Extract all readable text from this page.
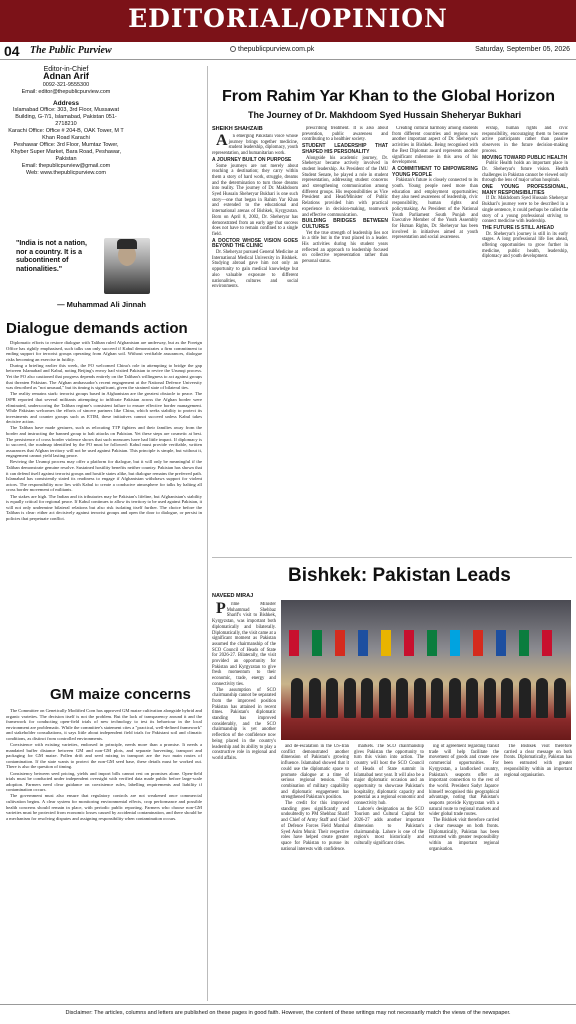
EDITORIAL/OPINION
04 The Public Purview	thepublicpurview.com.pk	Saturday, September 05, 2026
Editor-in-Chief
Adnan Arif
0092-321-9555300
Email: editor@thepublicpurview.com
Address
Islamabad Office: 303, 3rd Floor, Mussawat Building, G-7/1, Islamabad, Pakistan 051-2718210
Karachi Office: Office # 204-B, OAK Tower, M T Khan Road Karachi
Peshawar Office: 3rd Floor, Mumtaz Tower, Khyber Super Market, Bara Road, Peshawar, Pakistan
Email: thepublicpurview@gmail.com
Web: www.thepublicpurview.com
"India is not a nation, nor a country. It is a subcontinent of nationalities."
— Muhammad Ali Jinnah
Dialogue demands action

Diplomatic efforts to restore dialogue with Taliban ruled Afghanistan are underway, but as the Foreign Office has rightly emphasised, such talks can only succeed if Kabul demonstrates a firm commitment to ending support for terrorist groups operating from Afghan soil. Without verifiable assurances, dialogue risks becoming an exercise in futility.

During a briefing earlier this week, the FO welcomed China's role in attempting to bridge the gap between Islamabad and Kabul, noting Beijing's envoy had visited Pakistan to revive the Urumqi process. Yet the FO also cautioned that progress depends entirely on the Taliban's willingness to act against groups that threaten Pakistan. The Afghan ambassador's recent engagement at the National Defence University was described as "not unusual," but its timing is significant, given the strained state of bilateral ties.

The reality remains stark: terrorist groups based in Afghanistan are the greatest obstacle to peace. The ISPR reported that several militants attempting to infiltrate Pakistan across the Afghan border were eliminated, underscoring the Taliban regime's consistent failure to ensure effective border management. While Pakistan welcomes the efforts of sincere partners like China, which seeks stability to protect its investments and counter groups such as ETIM, these initiatives cannot succeed unless Kabul takes decisive action.

The Taliban have made gestures, such as relocating TTP fighters and their families away from the border and instructing the banned group to halt attacks on Pakistan. Yet these steps are cosmetic at best. The persistence of cross border violence shows that such measures have had little impact. If diplomacy is to succeed, the roadmap identified by the FO must be followed: Kabul must provide verifiable, written assurances that Afghan territory will not be used against Pakistan. This principle is simple, but without it, engagement cannot yield lasting peace.

Reviving the Urumqi process may offer a platform for dialogue, but it will only be meaningful if the Taliban demonstrate genuine resolve. Sustained hostility benefits neither country. Pakistan has shown that it can defend itself against terrorist groups and hostile states alike, but dialogue remains the preferred path. Islamabad has consistently stated its readiness to engage if Afghanistan withdraws support for violent actors. The responsibility now lies with Kabul to create a conducive atmosphere for talks by halting all cross border movement of militants.

The stakes are high. The Indian and its tributaries may be Pakistan's lifeline, but Afghanistan's stability is equally critical for regional peace. If Kabul continues to allow its territory to be used against Pakistan, it will not only undermine bilateral relations but also risk isolating itself further. The choice before the Taliban is clear: either act decisively against terrorist groups and open the door to dialogue, or persist in policies that perpetuate conflict.

GM maize concerns

The Committee on Genetically Modified Corn has approved GM maize cultivation alongside hybrid and organic varieties. The decision itself is not the problem. But the lack of transparency around it and the framework for conducting open-field trials of new technology to test its behaviour in the local environment are problematic. While the committee's statement cites a "practical, well-defined framework" and stakeholder consultations, it says little about independent field trials for Pakistani soil and climatic conditions, as distinct from controlled environments.

Coexistence with existing varieties, endorsed in principle, needs more than a promise. It needs a mandated buffer distance between GM and non-GM plots, and separate harvesting, transport and packaging for GM maize. Pollen drift and seed mixing in transport are the two main routes of contamination. If the state wants to protect the non-GM seed base, these details must be worked out. There is also the question of timing.

Consistency between seed pricing, yields and import bills cannot rest on promises alone. Open-field trials must be conducted under independent oversight with verified data made public before large-scale adoption. Farmers need clear guidance on coexistence rules, labelling requirements and liability if contamination occurs.

The government must also ensure that regulatory controls are not weakened once commercial cultivation begins. A clear system for monitoring environmental effects, crop performance and possible health concerns should remain in place, with periodic public reporting. Farmers who choose non-GM varieties must be protected from economic losses caused by accidental contamination, and there should be a mechanism for resolving disputes and assigning responsibility when contamination occurs.

From Rahim Yar Khan to the Global Horizon
The Journey of Dr. Makhdoom Syed Hussain Sheheryar Bukhari
SHEIKH SHAHZAIB

A n emerging Pakistani voice whose journey brings together medicine, student leadership, diplomacy, youth representation, and humanitarian work.

A JOURNEY BUILT ON PURPOSE

Some journeys are not merely about reaching a destination; they carry within them a story of hard work, struggle, dreams and the determination to turn those dreams into reality. The journey of Dr. Makhdoom Syed Hussain Sheheryar Bukhari is one such story—one that began in Rahim Yar Khan and extended to the educational and international arenas of Bishkek, Kyrgyzstan. Born on April 8, 2002, Dr. Sheheryar has demonstrated from an early age that success does not have to remain confined to a single field.

A DOCTOR WHOSE VISION GOES BEYOND THE CLINIC

Dr. Sheheryar pursued General Medicine at International Medical University in Bishkek. Studying abroad gave him not only an opportunity to gain medical knowledge but also valuable exposure to different nationalities, cultures and social environments.

prescribing treatment. It is also about prevention, public awareness and contributing to a healthier society.

STUDENT LEADERSHIP THAT SHAPED HIS PERSONALITY

Alongside his academic journey, Dr. Sheheryar became actively involved in student leadership. As President of the IMU Student Senate, he played a role in student representation, addressing student concerns and strengthening communication among different groups. His responsibilities as Vice President and Head/Minister of Public Relations provided him with practical experience in decision-making, teamwork and effective communication.

BUILDING BRIDGES BETWEEN CULTURES

Yet the true strength of leadership lies not in a title but in the trust placed in a leader. His activities during his student years reflected an approach to leadership focused on collective representation rather than personal status.

Creating cultural harmony among students from different countries and regions was another important aspect of Dr. Sheheryar's activities in Bishkek. Being recognised with the Best Diplomat award represents another significant milestone in this area of his development.

A COMMITMENT TO EMPOWERING YOUNG PEOPLE

Pakistan's future is closely connected to its youth. Young people need more than education and employment opportunities; they also need awareness of leadership, civic responsibility, human rights and policymaking. As President of the National Youth Parliament South Punjab and Executive Member of the Youth Assembly for Human Rights, Dr. Sheheryar has been involved in initiatives aimed at youth representation and social awareness.

ership, human rights and civic responsibility, encouraging them to become active participants rather than passive observers in the future decision-making process.

MOVING TOWARD PUBLIC HEALTH

Public Health holds an important place in Dr. Sheheryar's future vision. Health challenges in Pakistan cannot be viewed only through the lens of major urban hospitals.

ONE YOUNG PROFESSIONAL, MANY RESPONSIBILITIES

If Dr. Makhdoom Syed Hussain Sheheryar Bukhari's journey were to be described in a single sentence, it could perhaps be called the story of a young professional striving to connect medicine with leadership.

THE FUTURE IS STILL AHEAD

Dr. Sheheryar's journey is still in its early stages. A long professional life lies ahead, offering opportunities to grow further in medicine, public health, leadership, diplomacy and youth development.

Bishkek: Pakistan Leads
NAVEED MIRAJ

P rime Minister Muhammad Shehbaz Sharif's visit to Bishkek, Kyrgyzstan, was important both diplomatically and bilaterally. Diplomatically, the visit came at a significant moment as Pakistan assumed the chairmanship of the SCO Council of Heads of State for 2026-27. Bilaterally, the visit provided an opportunity for Pakistan and Kyrgyzstan to give fresh momentum to their economic, trade, energy and connectivity ties.

The assumption of SCO chairmanship cannot be separated from the improved position Pakistan has attained in recent times. Pakistan's diplomatic standing has improved considerably, and the SCO chairmanship is yet another reflection of the confidence now being placed in the country's leadership and its ability to play a constructive role in regional and world affairs.

and de-escalation in the US-Iran conflict demonstrated another dimension of Pakistan's growing influence. Islamabad showed that it could use the diplomatic space to promote dialogue at a time of serious regional tension. This combination of military capability and diplomatic engagement has strengthened Pakistan's position.

The credit for this improved standing goes significantly and undoubtedly to PM Shehbaz Sharif and Chief of Army Staff and Chief of Defence Forces Field Marshal Syed Asim Munir. Their respective roles have helped create greater space for Pakistan to pursue its national interests with confidence.

markets. The SCO chairmanship gives Pakistan the opportunity to turn this vision into action. The country will host the SCO Council of Heads of State summit in Islamabad next year. It will also be a major diplomatic occasion and an opportunity to showcase Pakistan's hospitality, diplomatic capacity and potential as a regional economic and connectivity hub.

Lahore's designation as the SCO Tourism and Cultural Capital for 2026-27 adds another important dimension to Pakistan's chairmanship. Lahore is one of the region's most historically and culturally significant cities.

ing of agreement regarding transit trade will help facilitate the movement of goods and create new commercial opportunities. For Kyrgyzstan, a landlocked country, Pakistan's seaports offer an important connection to the rest of the world. President Sadyr Japarov himself recognised this geographical advantage, noting that Pakistan's seaports provide Kyrgyzstan with a natural route to regional markets and wider global trade routes.

The Bishkek visit therefore carried a clear message on both fronts. Diplomatically, Pakistan has been entrusted with greater responsibility within an important regional organisation.

The Bishkek visit therefore carried a clear message on both fronts. Diplomatically, Pakistan has been entrusted with greater responsibility within an important regional organisation.

Disclaimer: The articles, columns and letters are published on these pages in good faith. However, the content of these writings may not necessarily match the views of the newspaper.
